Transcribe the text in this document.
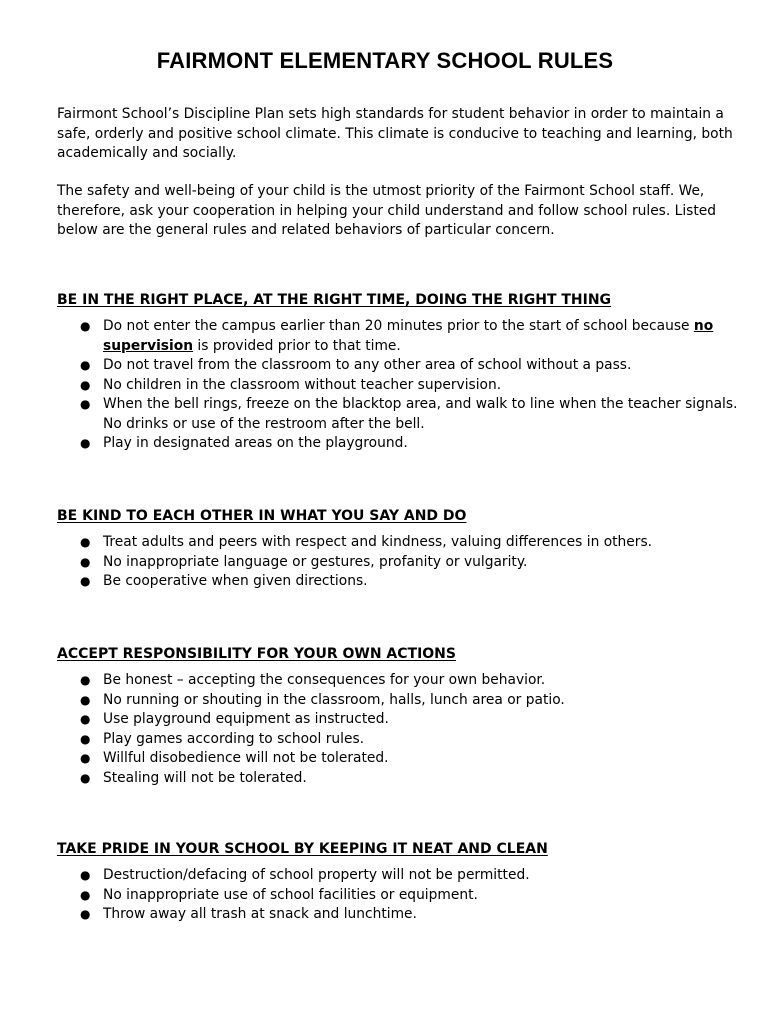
FAIRMONT ELEMENTARY SCHOOL RULES

Fairmont School’s Discipline Plan sets high standards for student behavior in order to maintain a safe, orderly and positive school climate. This climate is conducive to teaching and learning, both academically and socially.

The safety and well-being of your child is the utmost priority of the Fairmont School staff. We, therefore, ask your cooperation in helping your child understand and follow school rules. Listed below are the general rules and related behaviors of particular concern.

BE IN THE RIGHT PLACE, AT THE RIGHT TIME, DOING THE RIGHT THING
● Do not enter the campus earlier than 20 minutes prior to the start of school because no supervision is provided prior to that time.
● Do not travel from the classroom to any other area of school without a pass.
● No children in the classroom without teacher supervision.
● When the bell rings, freeze on the blacktop area, and walk to line when the teacher signals. No drinks or use of the restroom after the bell.
● Play in designated areas on the playground.
BE KIND TO EACH OTHER IN WHAT YOU SAY AND DO
● Treat adults and peers with respect and kindness, valuing differences in others.
● No inappropriate language or gestures, profanity or vulgarity.
● Be cooperative when given directions.
ACCEPT RESPONSIBILITY FOR YOUR OWN ACTIONS
● Be honest – accepting the consequences for your own behavior.
● No running or shouting in the classroom, halls, lunch area or patio.
● Use playground equipment as instructed.
● Play games according to school rules.
● Willful disobedience will not be tolerated.
● Stealing will not be tolerated.
TAKE PRIDE IN YOUR SCHOOL BY KEEPING IT NEAT AND CLEAN
● Destruction/defacing of school property will not be permitted.
● No inappropriate use of school facilities or equipment.
● Throw away all trash at snack and lunchtime.
